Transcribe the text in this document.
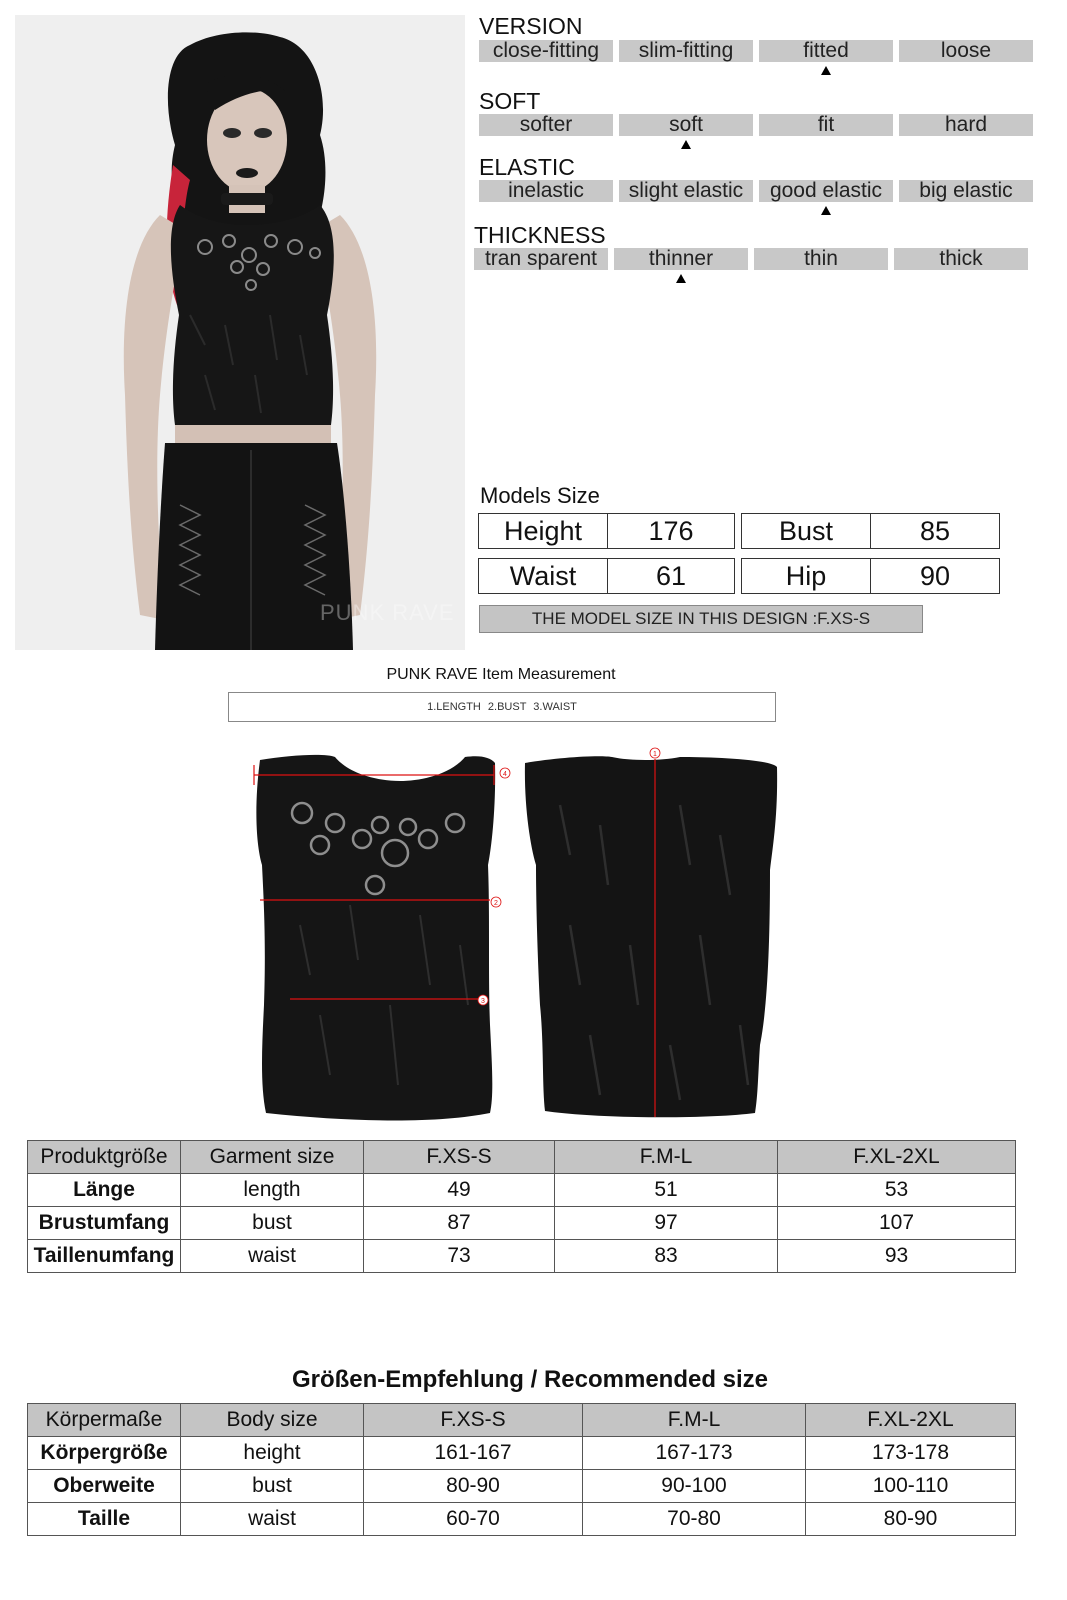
PUNK RAVE
VERSION
close-fitting	slim-fitting	fitted	loose
SOFT
softer	soft	fit	hard
ELASTIC
inelastic	slight elastic	good elastic	big elastic
THICKNESS
tran sparent	thinner	thin	thick
Models Size
Height	176	Bust	85
Waist	61	Hip	90
THE MODEL SIZE IN THIS DESIGN :F.XS-S
PUNK RAVE Item Measurement
1.LENGTH 2.BUST 3.WAIST
4
2
3
1
Produktgröße	Garment size	F.XS-S	F.M-L	F.XL-2XL
Länge	length	49	51	53
Brustumfang	bust	87	97	107
Taillenumfang	waist	73	83	93
Größen-Empfehlung / Recommended size
Körpermaße	Body size	F.XS-S	F.M-L	F.XL-2XL
Körpergröße	height	161-167	167-173	173-178
Oberweite	bust	80-90	90-100	100-110
Taille	waist	60-70	70-80	80-90
